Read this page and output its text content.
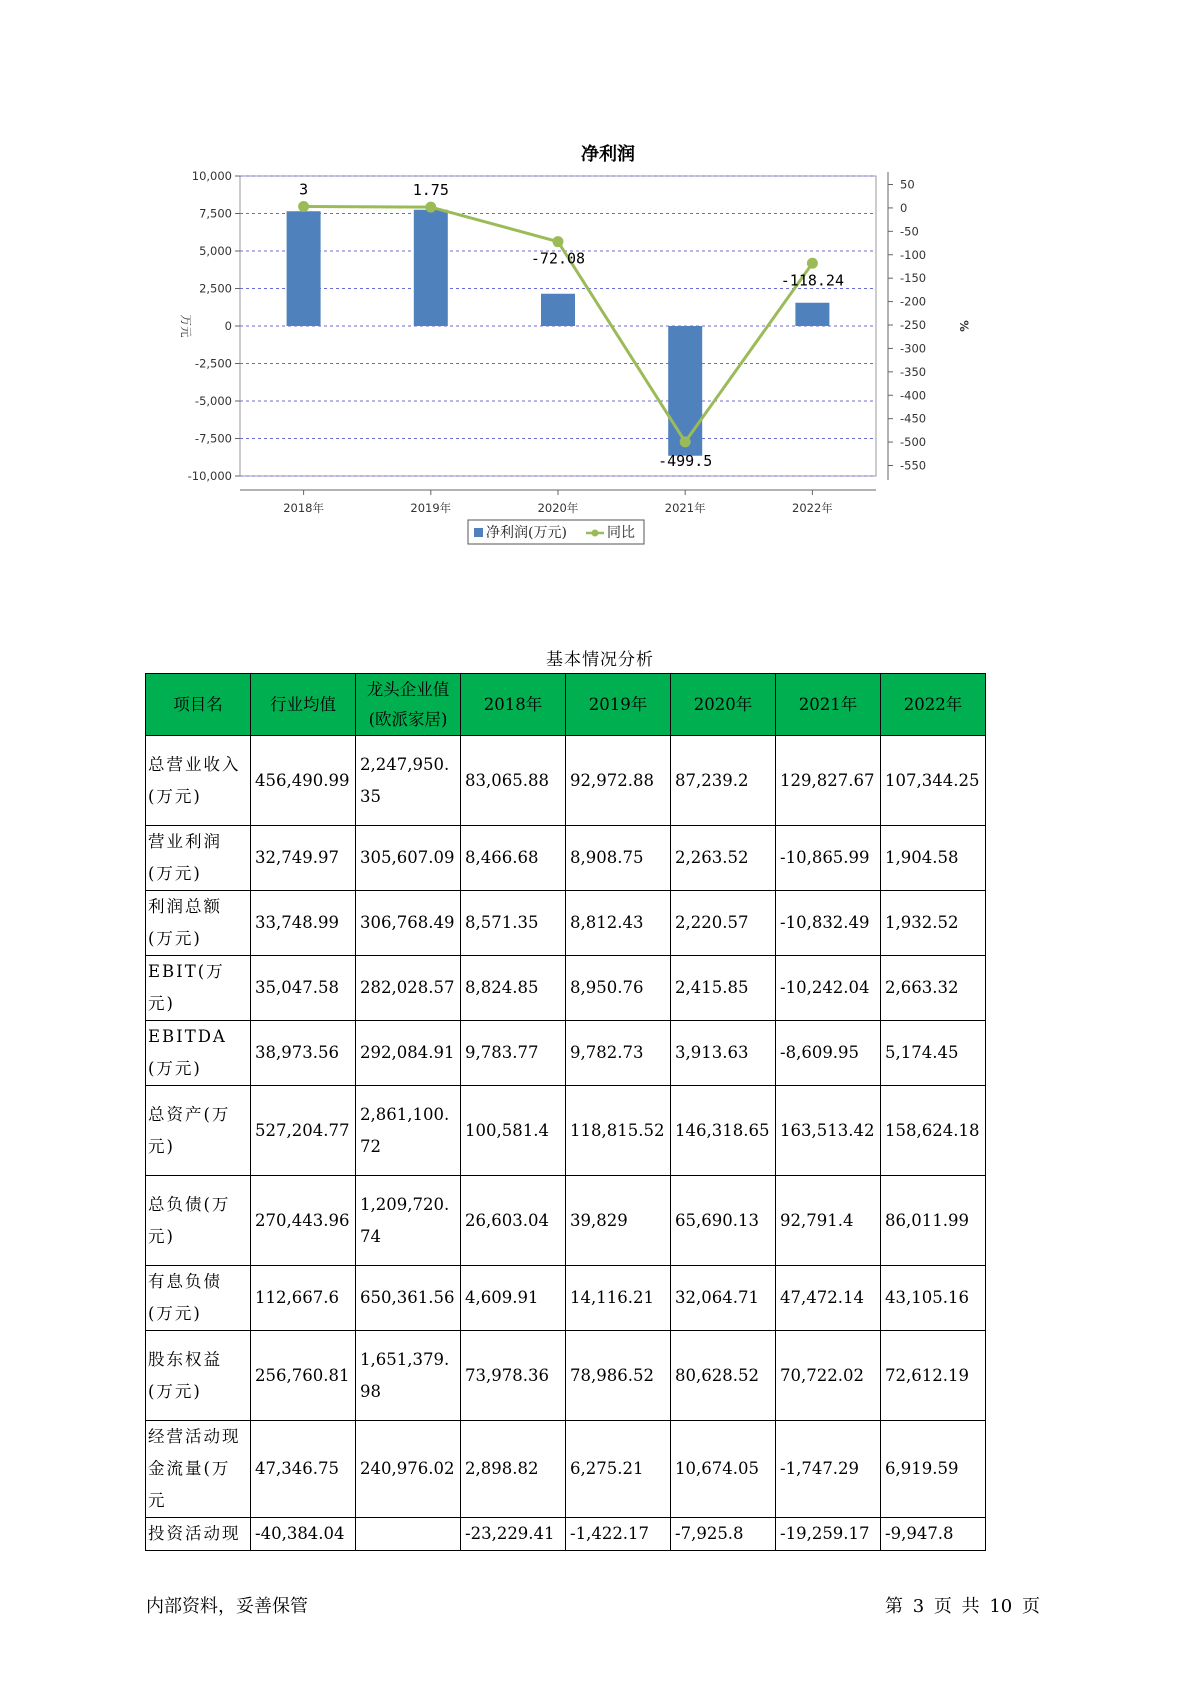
净利润
10,000
7,500
5,000
2,500
0
-2,500
-5,000
-7,500
-10,000
万元
50
0
-50
-100
-150
-200
-250
-300
-350
-400
-450
-500
-550
%
2018年	2019年	2020年	2021年	2022年
3	1.75
-72.08
-499.5
-118.24
净利润(万元)	同比
基本情况分析
项目名	行业均值	龙头企业值(欧派家居)	2018年	2019年	2020年	2021年	2022年
总营业收入(万元)	456,490.99	2,247,950.35	83,065.88	92,972.88	87,239.2	129,827.67	107,344.25
营业利润(万元)	32,749.97	305,607.09	8,466.68	8,908.75	2,263.52	-10,865.99	1,904.58
利润总额(万元)	33,748.99	306,768.49	8,571.35	8,812.43	2,220.57	-10,832.49	1,932.52
EBIT(万元)	35,047.58	282,028.57	8,824.85	8,950.76	2,415.85	-10,242.04	2,663.32
EBITDA(万元)	38,973.56	292,084.91	9,783.77	9,782.73	3,913.63	-8,609.95	5,174.45
总资产(万元)	527,204.77	2,861,100.72	100,581.4	118,815.52	146,318.65	163,513.42	158,624.18
总负债(万元)	270,443.96	1,209,720.74	26,603.04	39,829	65,690.13	92,791.4	86,011.99
有息负债(万元)	112,667.6	650,361.56	4,609.91	14,116.21	32,064.71	47,472.14	43,105.16
股东权益(万元)	256,760.81	1,651,379.98	73,978.36	78,986.52	80,628.52	70,722.02	72,612.19
经营活动现金流量(万元	47,346.75	240,976.02	2,898.82	6,275.21	10,674.05	-1,747.29	6,919.59
投资活动现	-40,384.04		-23,229.41	-1,422.17	-7,925.8	-19,259.17	-9,947.8
内部资料，妥善保管	第 3 页 共 10 页
